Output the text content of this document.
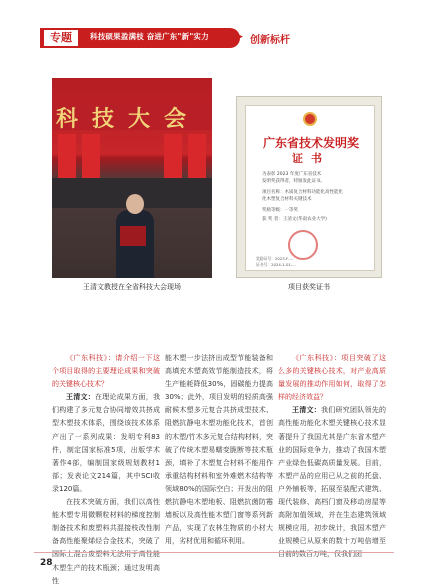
专题	科技硕果盈满枝 奋进广东"新"实力	▶ 创新标杆
科技大会
王清文教授在全省科技大会现场
广东省技术发明奖
证书
为表彰 2023 年度广东省技术
发明奖获得者，特颁发此证书。
项目名称：木质复合材料功能化高性能化
化木塑复合材料关键技术
奖励等级：一等奖
获 奖 者：王清文(华南农业大学)
奖励证号：2023-F-...
证书号：2024-1-01-...
项目获奖证书

《广东科技》：请介绍一下这个项目取得的主要理论成果和突破的关键核心技术？

王清文：在理论成果方面，我们构建了多元复合协同增效共挤成型木塑技术体系，围绕该技术体系产出了一系列成果：发明专利83件，制定国家标准5项，出版学术著作4部，编制国家级规划教材1部；发表论文214篇，其中SCI收录120篇。

在技术突破方面，我们以高性能木塑专用微颗粒材料的梯度控制制备技术和废塑料共混接枝改性制备高性能聚烯烃合金技术，突破了国际上混合废塑料无法用于高性能木塑生产的技术瓶颈；通过发明高性

能木塑一步法挤出成型节能装备和高填充木塑高效节能制造技术，将生产能耗降低30%，固碳能力提高30%；此外，项目发明的轻质高强耐候木塑多元复合共挤成型技术、阻燃抗静电木塑功能化技术，首创的木塑/竹木多元复合结构材料，突破了传统木塑易蠕变脆断等技术瓶颈，填补了木塑复合材料不能用作承重结构材料和室外难燃木结构等领域80%的国际空白；开发出的阻燃抗静电木塑地板、阻燃抗菌防霉墙板以及高性能木塑门窗等系列新产品，实现了农林生物质的小材大用，劣材优用和循环利用。

《广东科技》：项目突破了这么多的关键核心技术，对产业高质量发展的推动作用如何，取得了怎样的经济效益？

王清文：我们研究团队领先的高性能功能化木塑关键核心技术显著提升了我国尤其是广东省木塑产业的国际竞争力，推动了我国木塑产业绿色低碳高质量发展。目前，木塑产品的应用已从之前的托盘、户外铺板等，拓展至装配式建筑、现代装修、高档门窗及移动房屋等高附加值领域，并在生态建筑领域规模应用，初步统计，我国木塑产业规模已从原来的数十万吨倍增至目前的数百万吨，仅我们团

28
